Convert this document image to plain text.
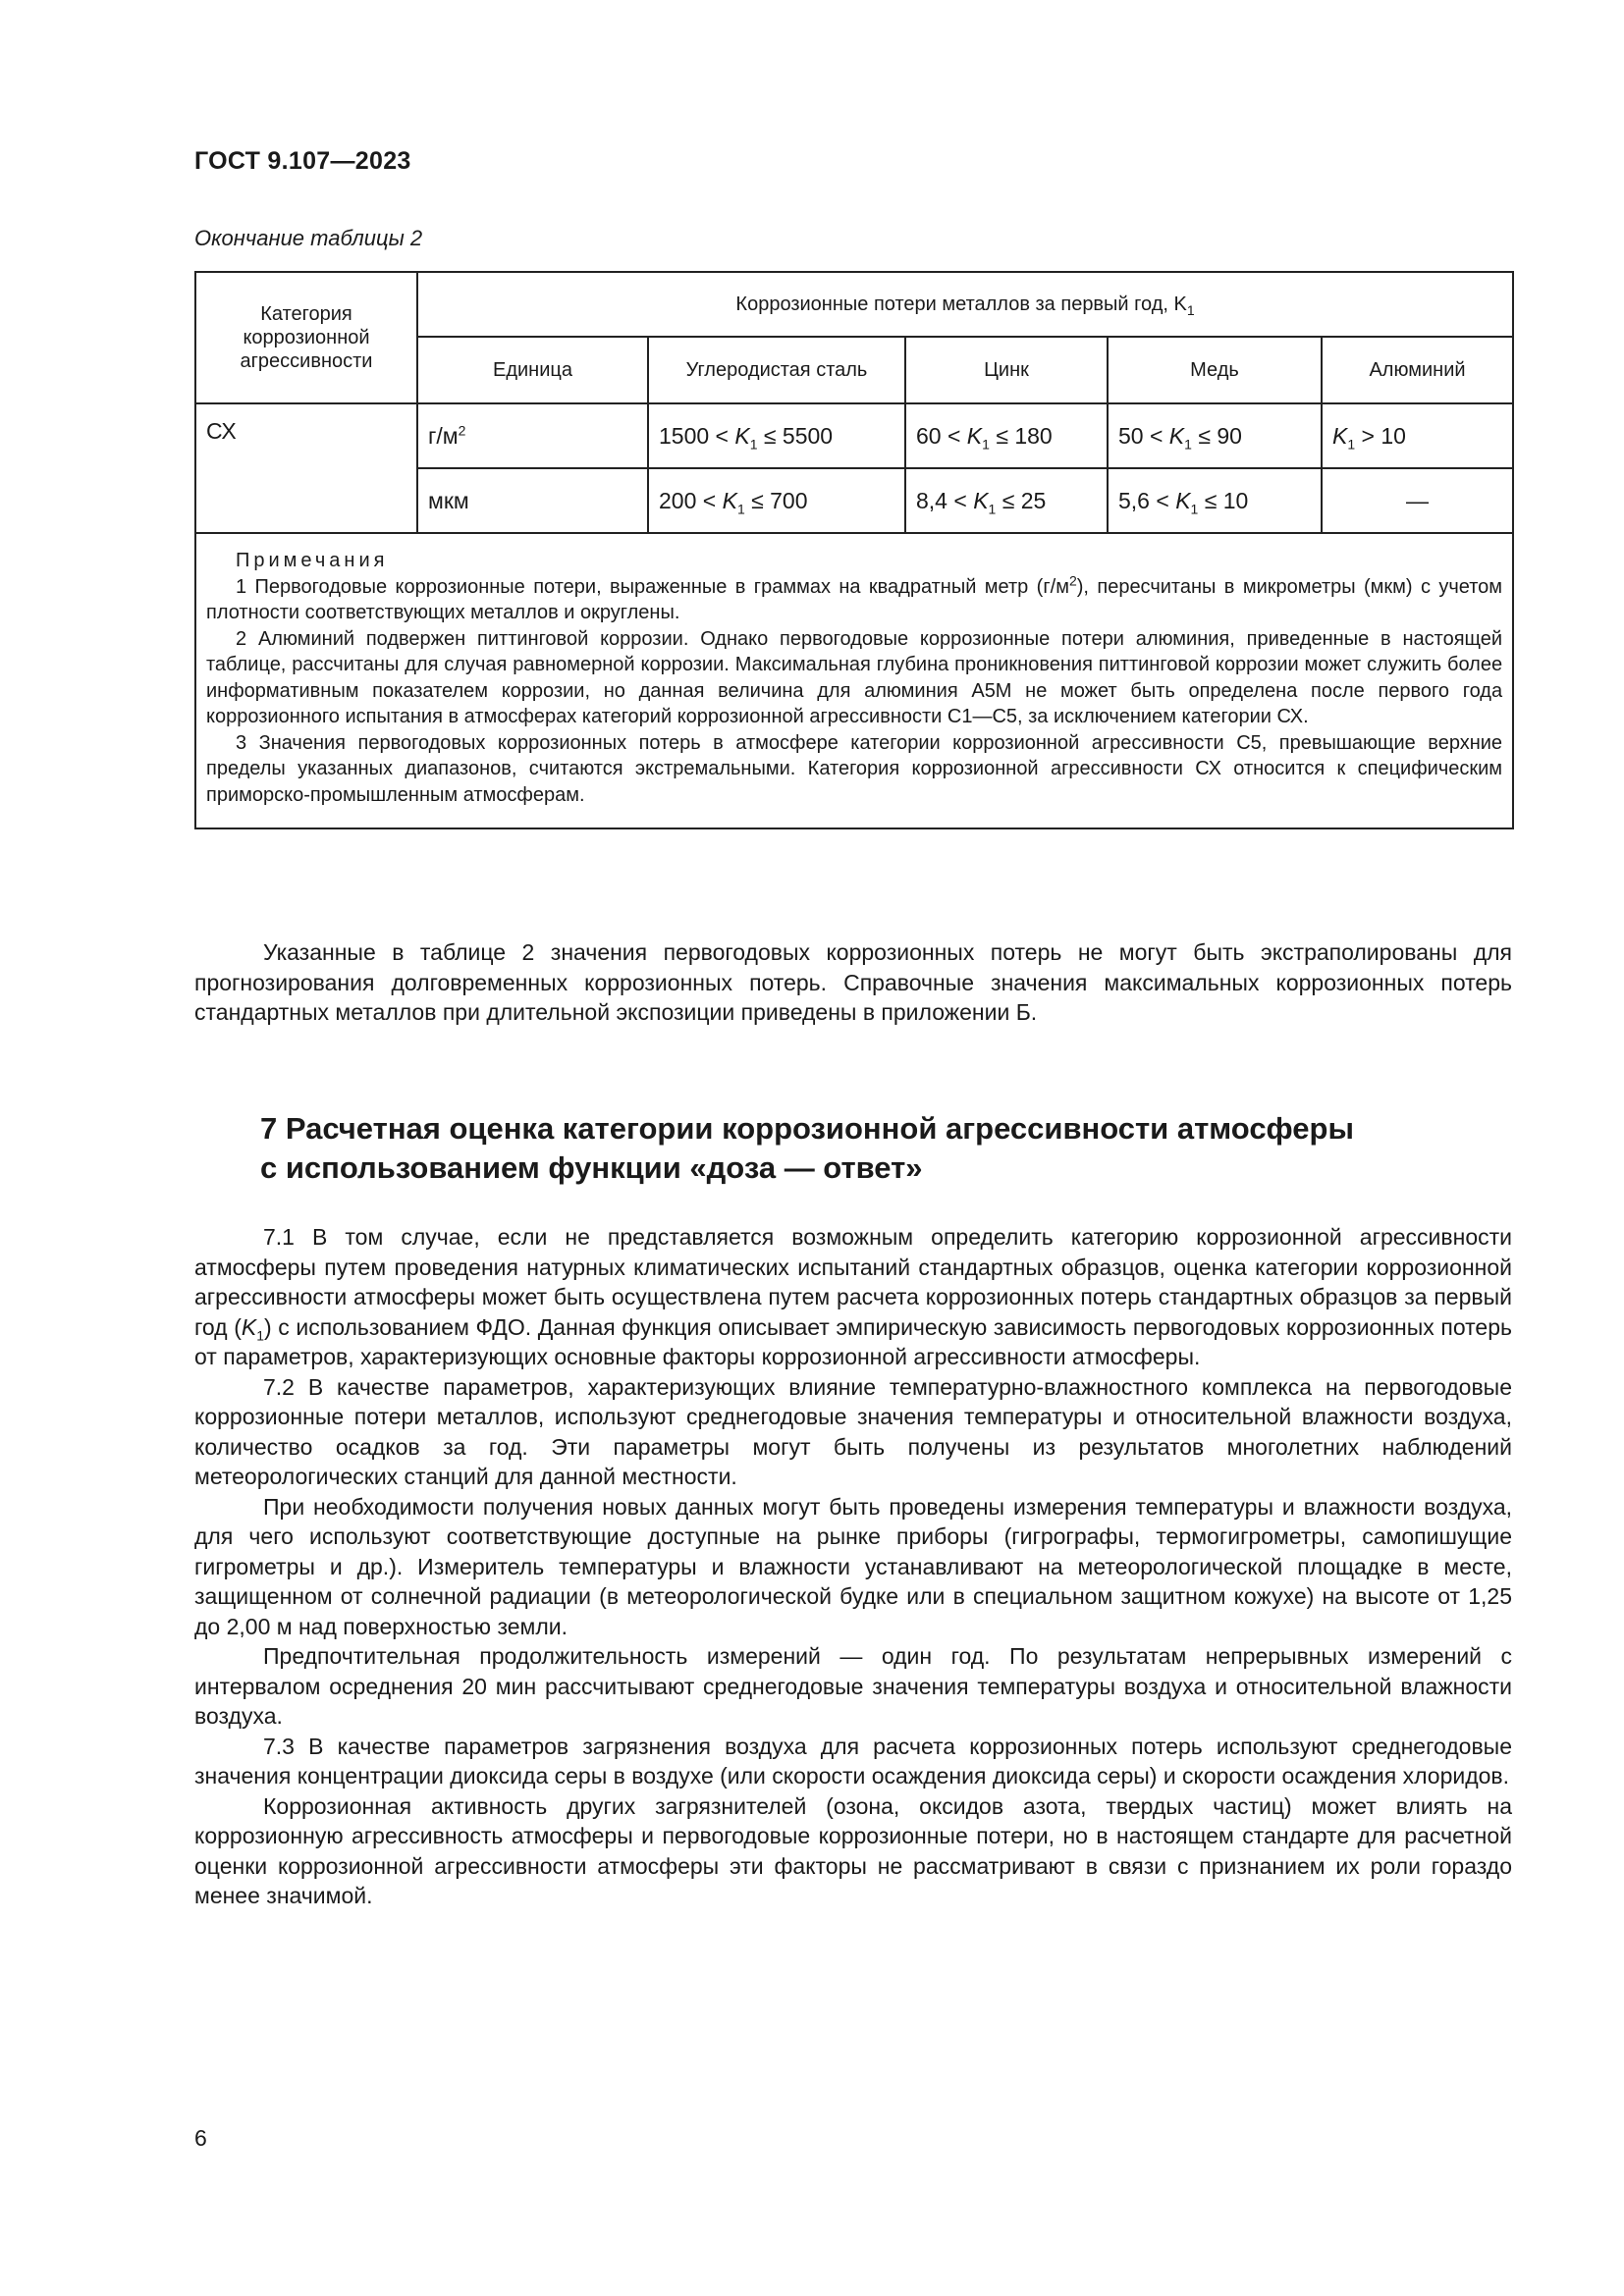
ГОСТ 9.107—2023
Окончание таблицы 2
Категория коррозионной агрессивности	Коррозионные потери металлов за первый год, $K_1$
	Единица	Углеродистая сталь	Цинк	Медь	Алюминий
СХ	$г/м^2$	$1500 < K_1 \le 5500$	$60 < K_1 \le 180$	$50 < K_1 \le 90$	$K_1 > 10$
	мкм	$200 < K_1 \le 700$	$8,4 < K_1 \le 25$	$5,6 < K_1 \le 10$	—

Примечания

1 Первогодовые коррозионные потери, выраженные в граммах на квадратный метр $(г/м^2)$, пересчитаны в микрометры (мкм) с учетом плотности соответствующих металлов и округлены.

2 Алюминий подвержен питтинговой коррозии. Однако первогодовые коррозионные потери алюминия, приведенные в настоящей таблице, рассчитаны для случая равномерной коррозии. Максимальная глубина проникновения питтинговой коррозии может служить более информативным показателем коррозии, но данная величина для алюминия А5М не может быть определена после первого года коррозионного испытания в атмосферах категорий коррозионной агрессивности С1—С5, за исключением категории СХ.

3 Значения первогодовых коррозионных потерь в атмосфере категории коррозионной агрессивности С5, превышающие верхние пределы указанных диапазонов, считаются экстремальными. Категория коррозионной агрессивности СХ относится к специфическим приморско-промышленным атмосферам.					

Указанные в таблице 2 значения первогодовых коррозионных потерь не могут быть экстраполированы для прогнозирования долговременных коррозионных потерь. Справочные значения максимальных коррозионных потерь стандартных металлов при длительной экспозиции приведены в приложении Б.

7 Расчетная оценка категории коррозионной агрессивности атмосферы
с использованием функции «доза — ответ»

7.1 В том случае, если не представляется возможным определить категорию коррозионной агрессивности атмосферы путем проведения натурных климатических испытаний стандартных образцов, оценка категории коррозионной агрессивности атмосферы может быть осуществлена путем расчета коррозионных потерь стандартных образцов за первый год $(K_1)$ с использованием ФДО. Данная функция описывает эмпирическую зависимость первогодовых коррозионных потерь от параметров, характеризующих основные факторы коррозионной агрессивности атмосферы.

7.2 В качестве параметров, характеризующих влияние температурно-влажностного комплекса на первогодовые коррозионные потери металлов, используют среднегодовые значения температуры и относительной влажности воздуха, количество осадков за год. Эти параметры могут быть получены из результатов многолетних наблюдений метеорологических станций для данной местности.

При необходимости получения новых данных могут быть проведены измерения температуры и влажности воздуха, для чего используют соответствующие доступные на рынке приборы (гигрографы, термогигрометры, самопишущие гигрометры и др.). Измеритель температуры и влажности устанавливают на метеорологической площадке в месте, защищенном от солнечной радиации (в метеорологической будке или в специальном защитном кожухе) на высоте от 1,25 до 2,00 м над поверхностью земли.

Предпочтительная продолжительность измерений — один год. По результатам непрерывных измерений с интервалом осреднения 20 мин рассчитывают среднегодовые значения температуры воздуха и относительной влажности воздуха.

7.3 В качестве параметров загрязнения воздуха для расчета коррозионных потерь используют среднегодовые значения концентрации диоксида серы в воздухе (или скорости осаждения диоксида серы) и скорости осаждения хлоридов.

Коррозионная активность других загрязнителей (озона, оксидов азота, твердых частиц) может влиять на коррозионную агрессивность атмосферы и первогодовые коррозионные потери, но в настоящем стандарте для расчетной оценки коррозионной агрессивности атмосферы эти факторы не рассматривают в связи с признанием их роли гораздо менее значимой.

6
